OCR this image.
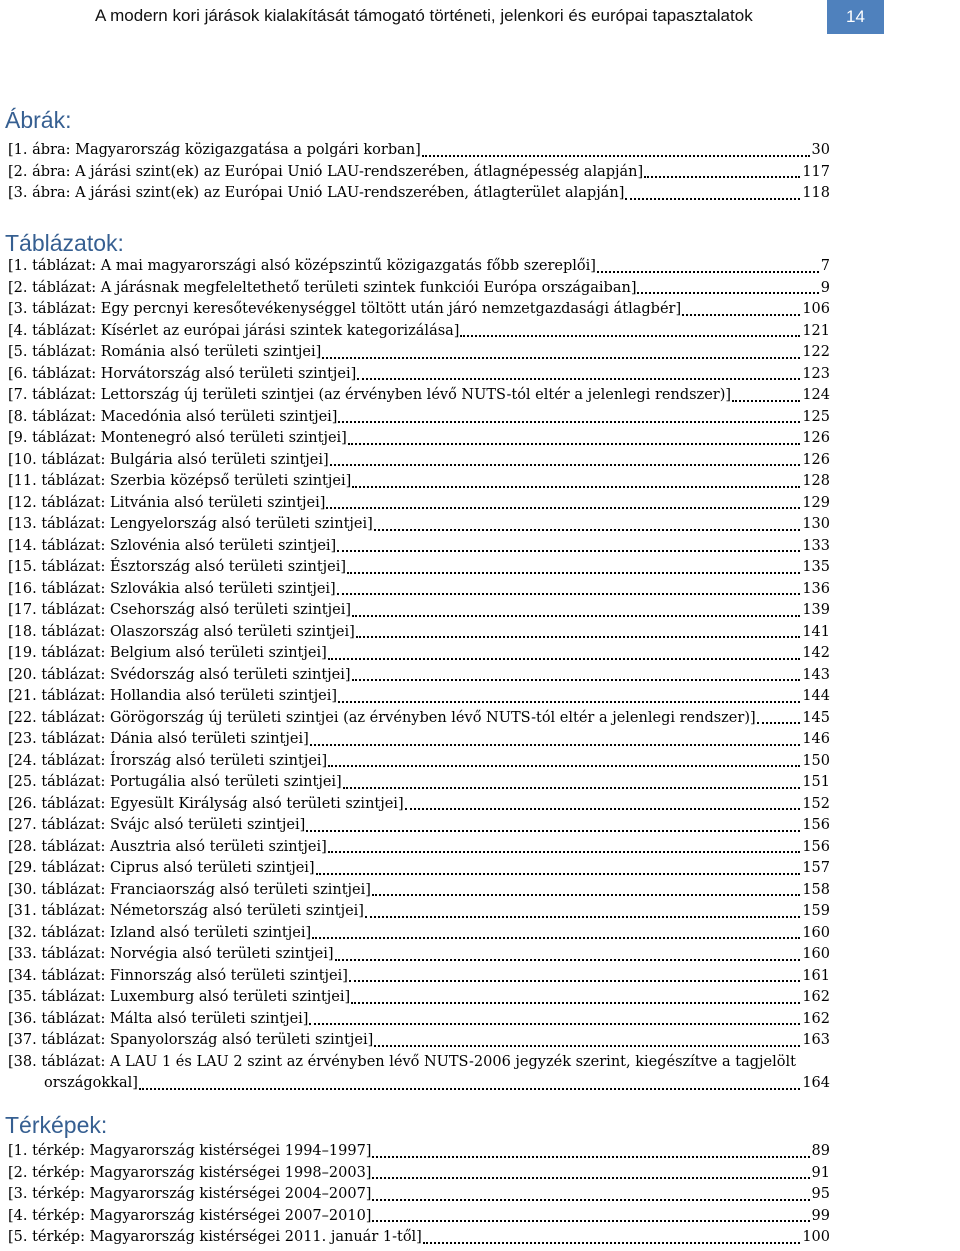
A modern kori járások kialakítását támogató történeti, jelenkori és európai tapasztalatok	14
Ábrák:
[1. ábra: Magyarország közigazgatása a polgári korban]	30
[2. ábra: A járási szint(ek) az Európai Unió LAU-rendszerében, átlagnépesség alapján]	117
[3. ábra: A járási szint(ek) az Európai Unió LAU-rendszerében, átlagterület alapján]	118
Táblázatok:
[1. táblázat: A mai magyarországi alsó középszintű közigazgatás főbb szereplői]	7
[2. táblázat: A járásnak megfeleltethető területi szintek funkciói Európa országaiban]	9
[3. táblázat: Egy percnyi keresőtevékenységgel töltött után járó nemzetgazdasági átlagbér]	106
[4. táblázat: Kísérlet az európai járási szintek kategorizálása]	121
[5. táblázat: Románia alsó területi szintjei]	122
[6. táblázat: Horvátország alsó területi szintjei]	123
[7. táblázat: Lettország új területi szintjei (az érvényben lévő NUTS-tól eltér a jelenlegi rendszer)]	124
[8. táblázat: Macedónia alsó területi szintjei]	125
[9. táblázat: Montenegró alsó területi szintjei]	126
[10. táblázat: Bulgária alsó területi szintjei]	126
[11. táblázat: Szerbia középső területi szintjei]	128
[12. táblázat: Litvánia alsó területi szintjei]	129
[13. táblázat: Lengyelország alsó területi szintjei]	130
[14. táblázat: Szlovénia alsó területi szintjei]	133
[15. táblázat: Észtország alsó területi szintjei]	135
[16. táblázat: Szlovákia alsó területi szintjei]	136
[17. táblázat: Csehország alsó területi szintjei]	139
[18. táblázat: Olaszország alsó területi szintjei]	141
[19. táblázat: Belgium alsó területi szintjei]	142
[20. táblázat: Svédország alsó területi szintjei]	143
[21. táblázat: Hollandia alsó területi szintjei]	144
[22. táblázat: Görögország új területi szintjei (az érvényben lévő NUTS-tól eltér a jelenlegi rendszer)]	145
[23. táblázat: Dánia alsó területi szintjei]	146
[24. táblázat: Írország alsó területi szintjei]	150
[25. táblázat: Portugália alsó területi szintjei]	151
[26. táblázat: Egyesült Királyság alsó területi szintjei]	152
[27. táblázat: Svájc alsó területi szintjei]	156
[28. táblázat: Ausztria alsó területi szintjei]	156
[29. táblázat: Ciprus alsó területi szintjei]	157
[30. táblázat: Franciaország alsó területi szintjei]	158
[31. táblázat: Németország alsó területi szintjei]	159
[32. táblázat: Izland alsó területi szintjei]	160
[33. táblázat: Norvégia alsó területi szintjei]	160
[34. táblázat: Finnország alsó területi szintjei]	161
[35. táblázat: Luxemburg alsó területi szintjei]	162
[36. táblázat: Málta alsó területi szintjei]	162
[37. táblázat: Spanyolország alsó területi szintjei]	163
[38. táblázat: A LAU 1 és LAU 2 szint az érvényben lévő NUTS-2006 jegyzék szerint, kiegészítve a tagjelölt
országokkal]	164
Térképek:
[1. térkép: Magyarország kistérségei 1994–1997]	89
[2. térkép: Magyarország kistérségei 1998–2003]	91
[3. térkép: Magyarország kistérségei 2004–2007]	95
[4. térkép: Magyarország kistérségei 2007–2010]	99
[5. térkép: Magyarország kistérségei 2011. január 1-től]	100
